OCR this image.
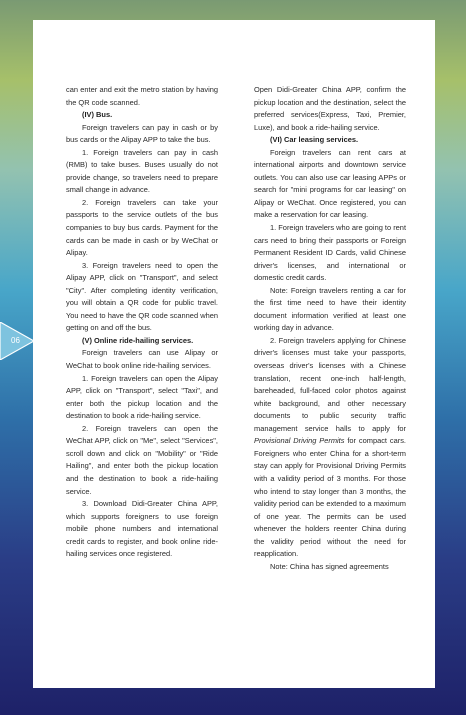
can enter and exit the metro station by having the QR code scanned.

(IV) Bus.

Foreign travelers can pay in cash or by bus cards or the Alipay APP to take the bus.

1. Foreign travelers can pay in cash (RMB) to take buses. Buses usually do not provide change, so travelers need to prepare small change in advance.

2. Foreign travelers can take your passports to the service outlets of the bus companies to buy bus cards. Payment for the cards can be made in cash or by WeChat or Alipay.

3. Foreign travelers need to open the Alipay APP, click on "Transport", and select "City". After completing identity verification, you will obtain a QR code for public travel. You need to have the QR code scanned when getting on and off the bus.

(V) Online ride-hailing services.

Foreign travelers can use Alipay or WeChat to book online ride-hailing services.

1. Foreign travelers can open the Alipay APP, click on "Transport", select "Taxi", and enter both the pickup location and the destination to book a ride-hailing service.

2. Foreign travelers can open the WeChat APP, click on "Me", select "Services", scroll down and click on "Mobility" or "Ride Hailing", and enter both the pickup location and the destination to book a ride-hailing service.

3. Download Didi-Greater China APP, which supports foreigners to use foreign mobile phone numbers and international credit cards to register, and book online ride-hailing services once registered.

Open Didi-Greater China APP, confirm the pickup location and the destination, select the preferred services(Express, Taxi, Premier, Luxe), and book a ride-hailing service.

(VI) Car leasing services.

Foreign travelers can rent cars at international airports and downtown service outlets. You can also use car leasing APPs or search for "mini programs for car leasing" on Alipay or WeChat. Once registered, you can make a reservation for car leasing.

1. Foreign travelers who are going to rent cars need to bring their passports or Foreign Permanent Resident ID Cards, valid Chinese driver's licenses, and international or domestic credit cards.

Note: Foreign travelers renting a car for the first time need to have their identity document information verified at least one working day in advance.

2. Foreign travelers applying for Chinese driver's licenses must take your passports, overseas driver's licenses with a Chinese translation, recent one-inch half-length, bareheaded, full-faced color photos against white background, and other necessary documents to public security traffic management service halls to apply for Provisional Driving Permits for compact cars. Foreigners who enter China for a short-term stay can apply for Provisional Driving Permits with a validity period of 3 months. For those who intend to stay longer than 3 months, the validity period can be extended to a maximum of one year. The permits can be used whenever the holders reenter China during the validity period without the need for reapplication.

Note: China has signed agreements

06
